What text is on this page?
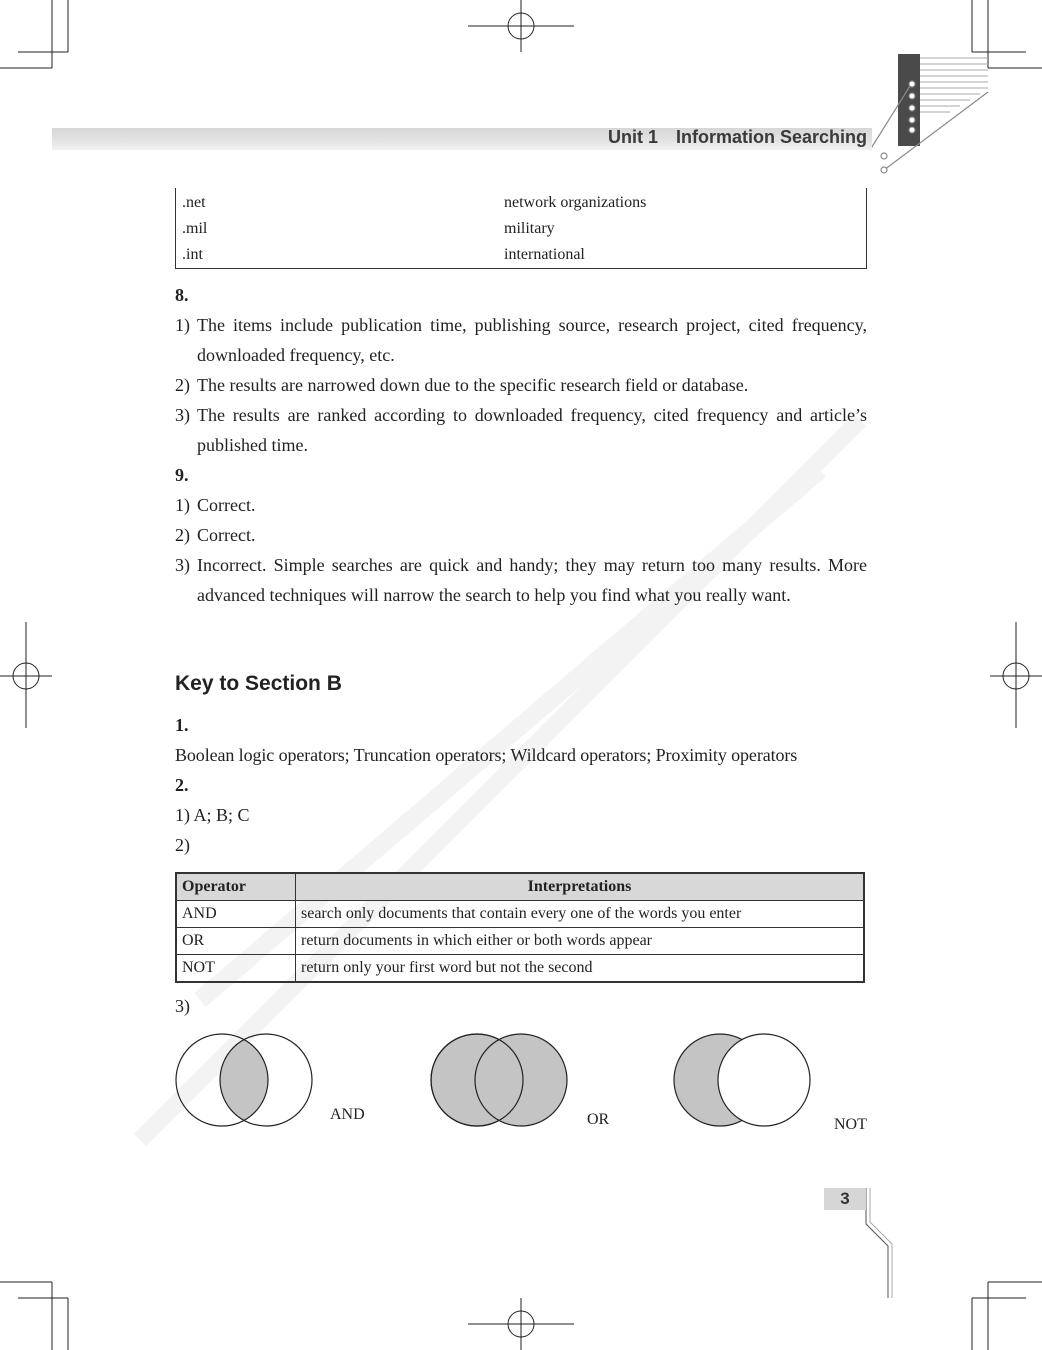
Unit 1 Information Searching
.net	network organizations
.mil	military
.int	international
8.
1) The items include publication time, publishing source, research project, cited frequency, downloaded frequency, etc.
2) The results are narrowed down due to the specific research field or database.
3) The results are ranked according to downloaded frequency, cited frequency and article’s published time.
9.
1) Correct.
2) Correct.
3) Incorrect. Simple searches are quick and handy; they may return too many results. More advanced techniques will narrow the search to help you find what you really want.
Key to Section B
1.
Boolean logic operators; Truncation operators; Wildcard operators; Proximity operators
2.
1) A; B; C
2)
Operator	Interpretations
AND	search only documents that contain every one of the words you enter
OR	return documents in which either or both words appear
NOT	return only your first word but not the second
3)
AND	OR	NOT
3
